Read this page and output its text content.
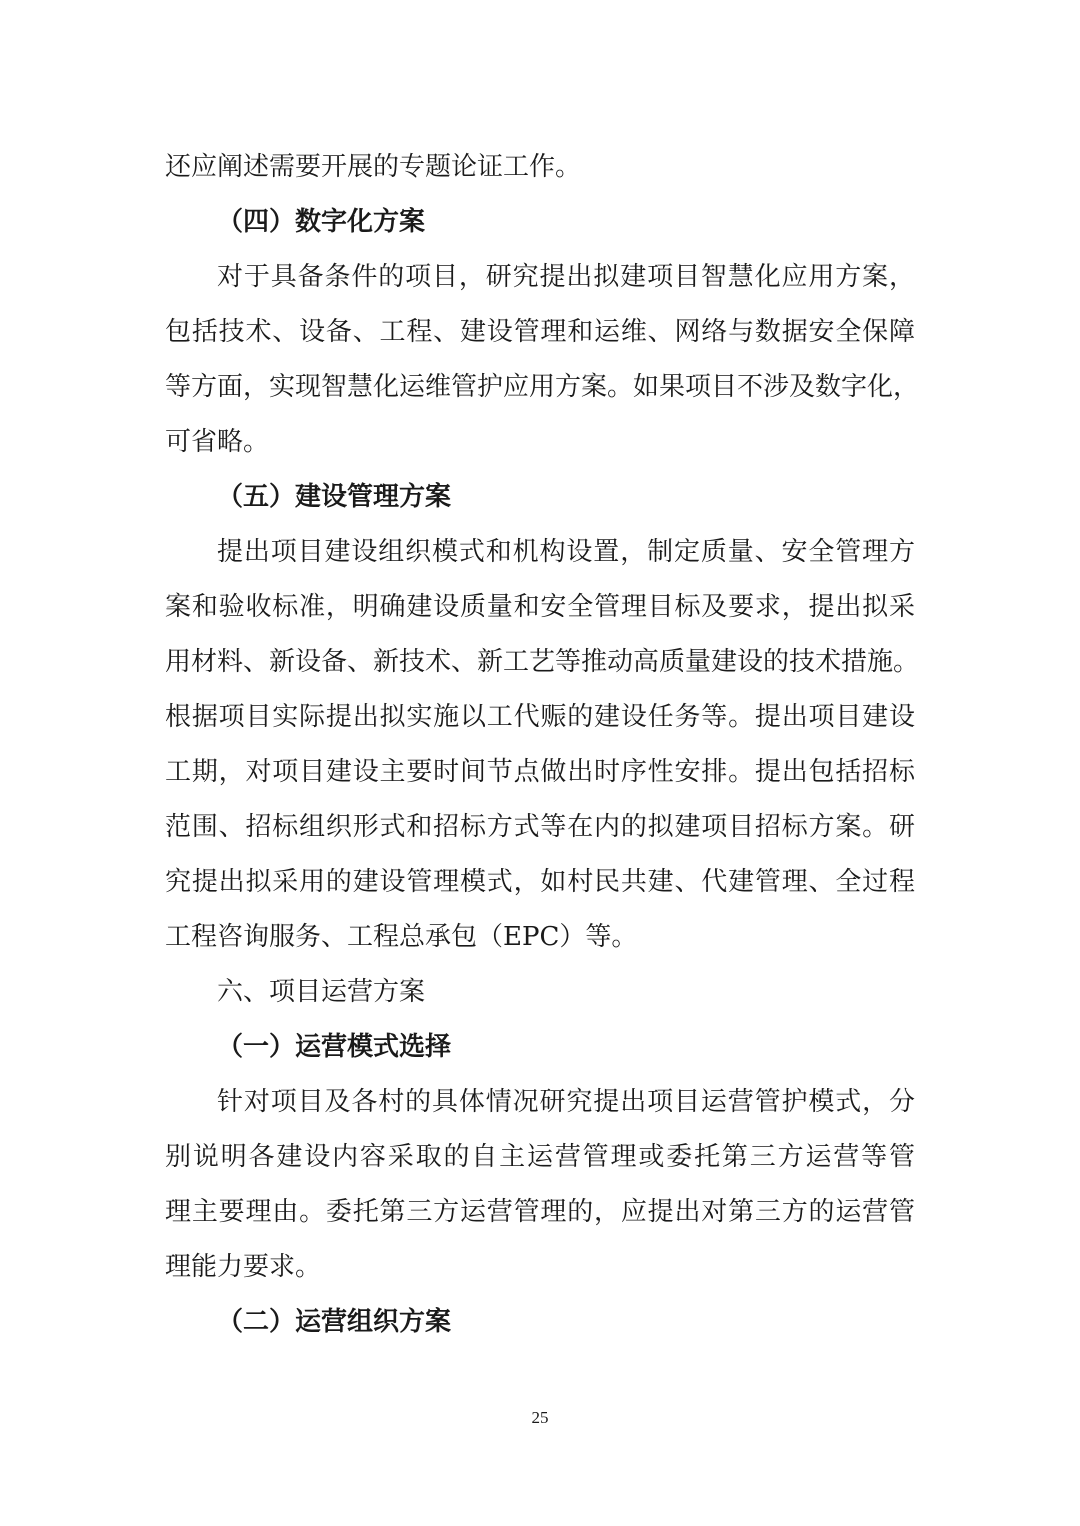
还应阐述需要开展的专题论证工作。
（四）数字化方案
对于具备条件的项目，研究提出拟建项目智慧化应用方案，
包括技术、设备、工程、建设管理和运维、网络与数据安全保障
等方面，实现智慧化运维管护应用方案。如果项目不涉及数字化，
可省略。
（五）建设管理方案
提出项目建设组织模式和机构设置，制定质量、安全管理方
案和验收标准，明确建设质量和安全管理目标及要求，提出拟采
用材料、新设备、新技术、新工艺等推动高质量建设的技术措施。
根据项目实际提出拟实施以工代赈的建设任务等。提出项目建设
工期，对项目建设主要时间节点做出时序性安排。提出包括招标
范围、招标组织形式和招标方式等在内的拟建项目招标方案。研
究提出拟采用的建设管理模式，如村民共建、代建管理、全过程
工程咨询服务、工程总承包（EPC）等。
六、项目运营方案
（一）运营模式选择
针对项目及各村的具体情况研究提出项目运营管护模式，分
别说明各建设内容采取的自主运营管理或委托第三方运营等管
理主要理由。委托第三方运营管理的，应提出对第三方的运营管
理能力要求。
（二）运营组织方案
25
